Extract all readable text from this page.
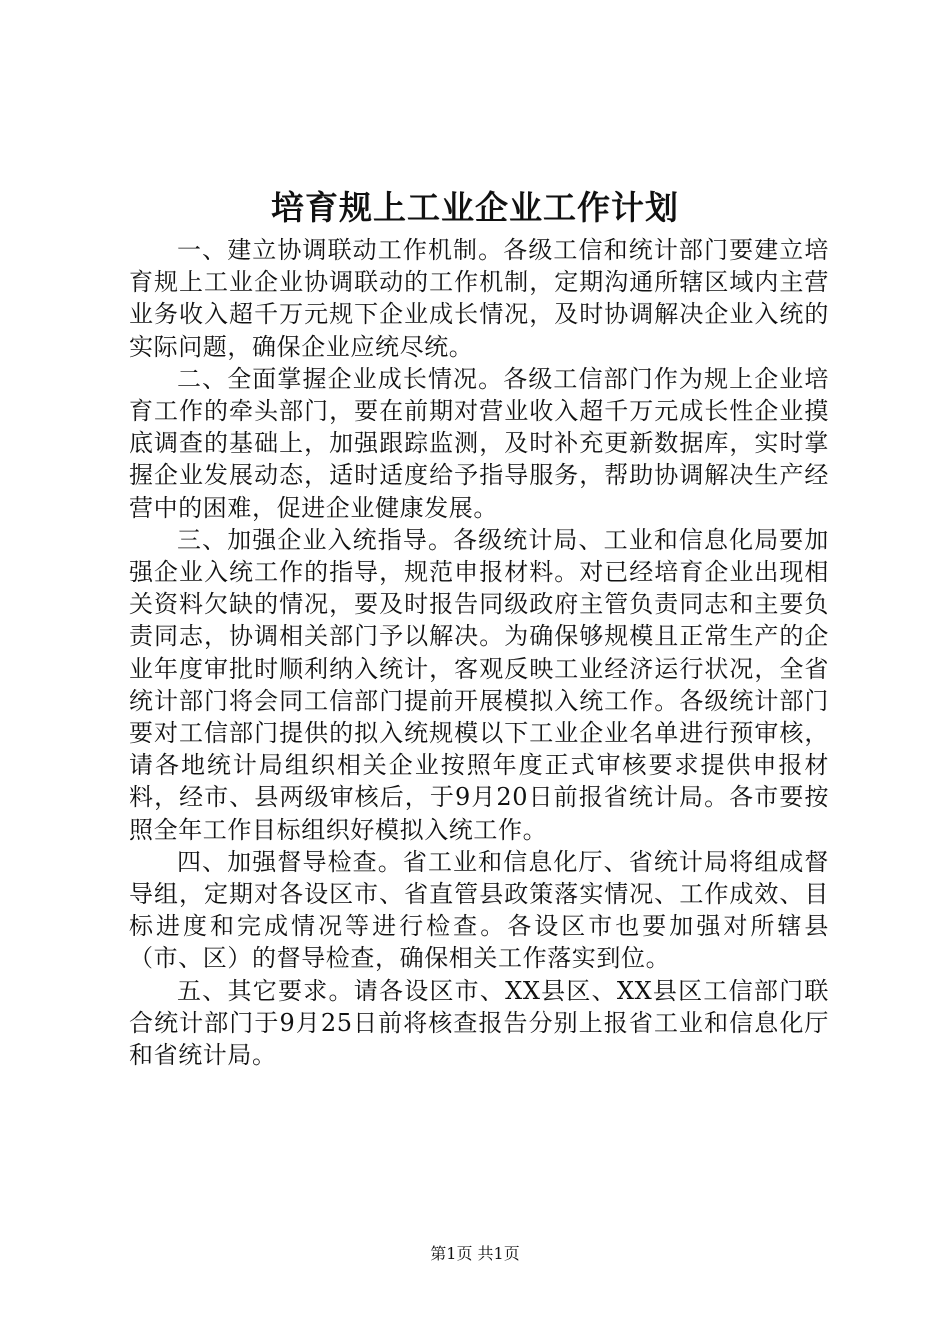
培育规上工业企业工作计划

一、建立协调联动工作机制。各级工信和统计部门要建立培育规上工业企业协调联动的工作机制，定期沟通所辖区域内主营业务收入超千万元规下企业成长情况，及时协调解决企业入统的实际问题，确保企业应统尽统。

二、全面掌握企业成长情况。各级工信部门作为规上企业培育工作的牵头部门，要在前期对营业收入超千万元成长性企业摸底调查的基础上，加强跟踪监测，及时补充更新数据库，实时掌握企业发展动态，适时适度给予指导服务，帮助协调解决生产经营中的困难，促进企业健康发展。

三、加强企业入统指导。各级统计局、工业和信息化局要加强企业入统工作的指导，规范申报材料。对已经培育企业出现相关资料欠缺的情况，要及时报告同级政府主管负责同志和主要负责同志，协调相关部门予以解决。为确保够规模且正常生产的企业年度审批时顺利纳入统计，客观反映工业经济运行状况，全省统计部门将会同工信部门提前开展模拟入统工作。各级统计部门要对工信部门提供的拟入统规模以下工业企业名单进行预审核，请各地统计局组织相关企业按照年度正式审核要求提供申报材料，经市、县两级审核后，于9月20日前报省统计局。各市要按照全年工作目标组织好模拟入统工作。

四、加强督导检查。省工业和信息化厅、省统计局将组成督导组，定期对各设区市、省直管县政策落实情况、工作成效、目标进度和完成情况等进行检查。各设区市也要加强对所辖县（市、区）的督导检查，确保相关工作落实到位。

五、其它要求。请各设区市、XX县区、XX县区工信部门联合统计部门于9月25日前将核查报告分别上报省工业和信息化厅和省统计局。

第1页 共1页
